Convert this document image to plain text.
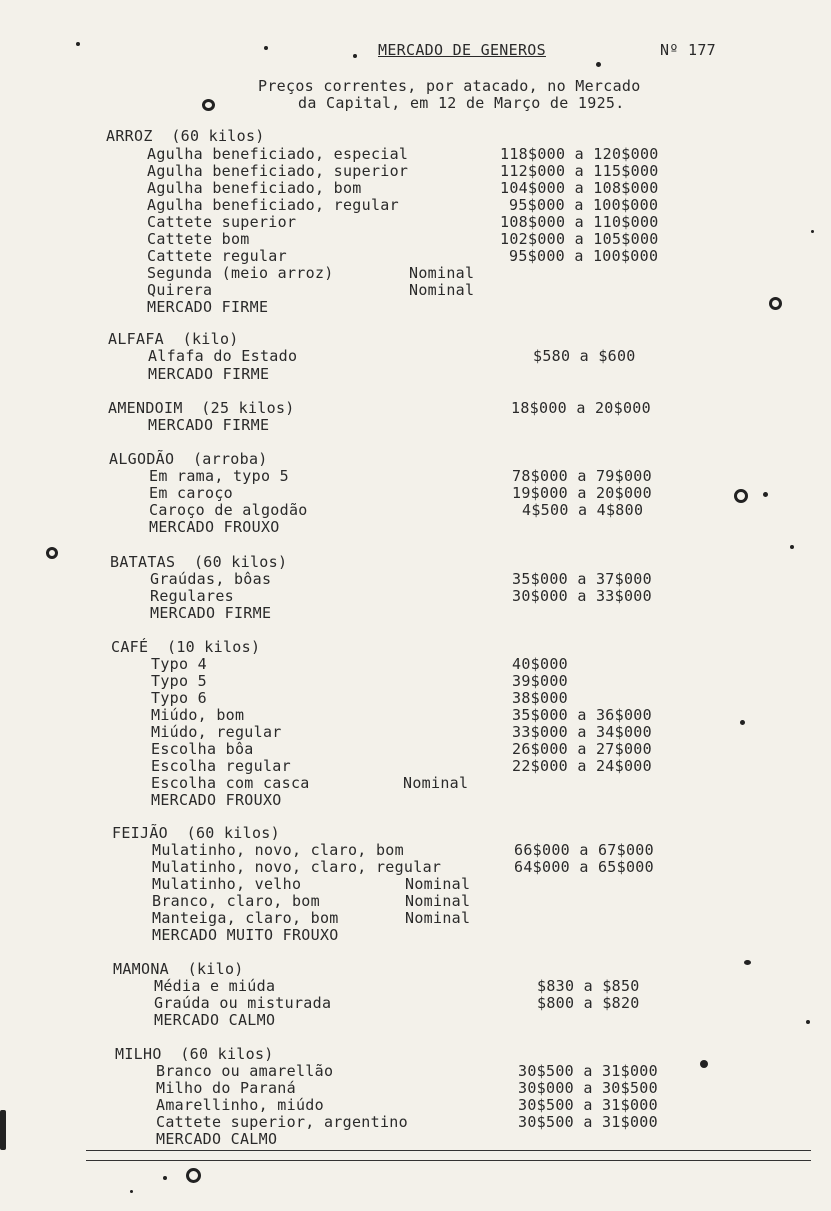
MERCADO DE GENEROS	Nº 177
Preços correntes, por atacado, no Mercado
da Capital, em 12 de Março de 1925.
ARROZ  (60 kilos)
Agulha beneficiado, especial	118$000 a 120$000
Agulha beneficiado, superior	112$000 a 115$000
Agulha beneficiado, bom	104$000 a 108$000
Agulha beneficiado, regular	95$000 a 100$000
Cattete superior	108$000 a 110$000
Cattete bom	102$000 a 105$000
Cattete regular	95$000 a 100$000
Segunda (meio arroz)	Nominal
Quirera	Nominal
MERCADO FIRME
ALFAFA  (kilo)
Alfafa do Estado	$580 a $600
MERCADO FIRME
AMENDOIM  (25 kilos)	18$000 a 20$000
MERCADO FIRME
ALGODÃO  (arroba)
Em rama, typo 5	78$000 a 79$000
Em caroço	19$000 a 20$000
Caroço de algodão	4$500 a 4$800
MERCADO FROUXO
BATATAS  (60 kilos)
Graúdas, bôas	35$000 a 37$000
Regulares	30$000 a 33$000
MERCADO FIRME
CAFÉ  (10 kilos)
Typo 4	40$000
Typo 5	39$000
Typo 6	38$000
Miúdo, bom	35$000 a 36$000
Miúdo, regular	33$000 a 34$000
Escolha bôa	26$000 a 27$000
Escolha regular	22$000 a 24$000
Escolha com casca	Nominal
MERCADO FROUXO
FEIJÃO  (60 kilos)
Mulatinho, novo, claro, bom	66$000 a 67$000
Mulatinho, novo, claro, regular	64$000 a 65$000
Mulatinho, velho	Nominal
Branco, claro, bom	Nominal
Manteiga, claro, bom	Nominal
MERCADO MUITO FROUXO
MAMONA  (kilo)
Média e miúda	$830 a $850
Graúda ou misturada	$800 a $820
MERCADO CALMO
MILHO  (60 kilos)
Branco ou amarellão	30$500 a 31$000
Milho do Paraná	30$000 a 30$500
Amarellinho, miúdo	30$500 a 31$000
Cattete superior, argentino	30$500 a 31$000
MERCADO CALMO
